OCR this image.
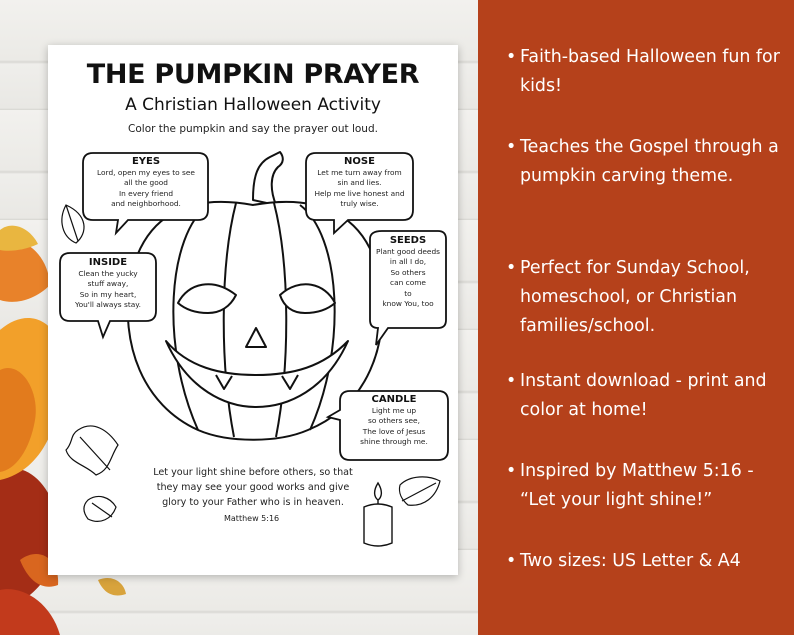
THE PUMPKIN PRAYER
A Christian Halloween Activity
Color the pumpkin and say the prayer out loud.
EYES
Lord, open my eyes to see
all the good
In every friend
and neighborhood.
NOSE
Let me turn away from
sin and lies.
Help me live honest and
truly wise.
SEEDS
Plant good deeds
in all I do,
So others
can come
to
know You, too
INSIDE
Clean the yucky
stuff away,
So in my heart,
You'll always stay.
CANDLE
Light me up
so others see,
The love of Jesus
shine through me.
Let your light shine before others, so that they may see your good works and give glory to your Father who is in heaven.
Matthew 5:16
• Faith-based Halloween fun for kids!
• Teaches the Gospel through a pumpkin carving theme.
• Perfect for Sunday School, homeschool, or Christian families/school.
• Instant download - print and color at home!
• Inspired by Matthew 5:16 - “Let your light shine!”
• Two sizes: US Letter & A4
